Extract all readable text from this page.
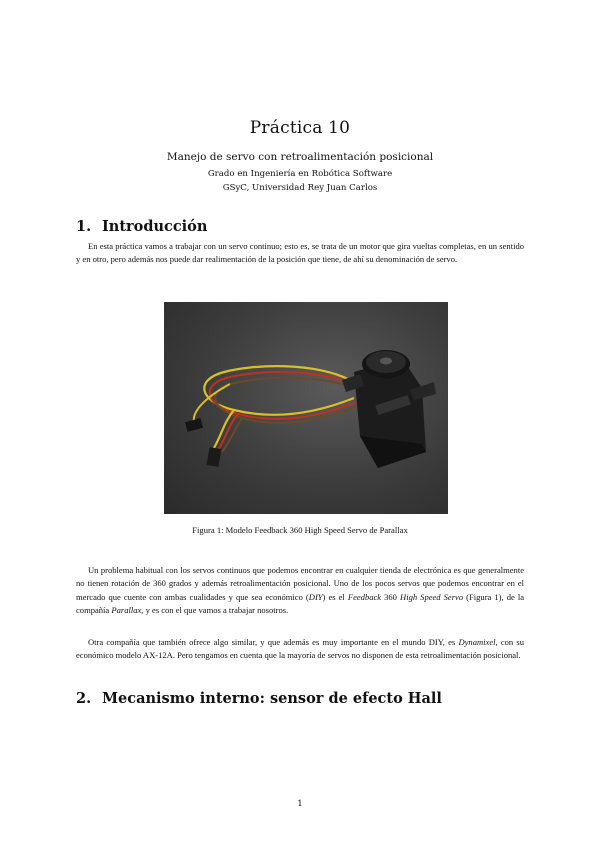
Práctica 10
Manejo de servo con retroalimentación posicional
Grado en Ingeniería en Robótica Software
GSyC, Universidad Rey Juan Carlos
1. Introducción
En esta práctica vamos a trabajar con un servo continuo; esto es, se trata de un motor que gira vueltas completas, en un sentido y en otro, pero además nos puede dar realimentación de la posición que tiene, de ahí su denominación de servo.
Figura 1: Modelo Feedback 360 High Speed Servo de Parallax
Un problema habitual con los servos continuos que podemos encontrar en cualquier tienda de electrónica es que generalmente no tienen rotación de 360 grados y además retroalimentación posicional. Uno de los pocos servos que podemos encontrar en el mercado que cuente con ambas cualidades y que sea económico (DIY) es el Feedback 360 High Speed Servo (Figura 1), de la compañía Parallax, y es con el que vamos a trabajar nosotros.
Otra compañía que también ofrece algo similar, y que además es muy importante en el mundo DIY, es Dynamixel, con su económico modelo AX-12A. Pero tengamos en cuenta que la mayoría de servos no disponen de esta retroalimentación posicional.
2. Mecanismo interno: sensor de efecto Hall
1
